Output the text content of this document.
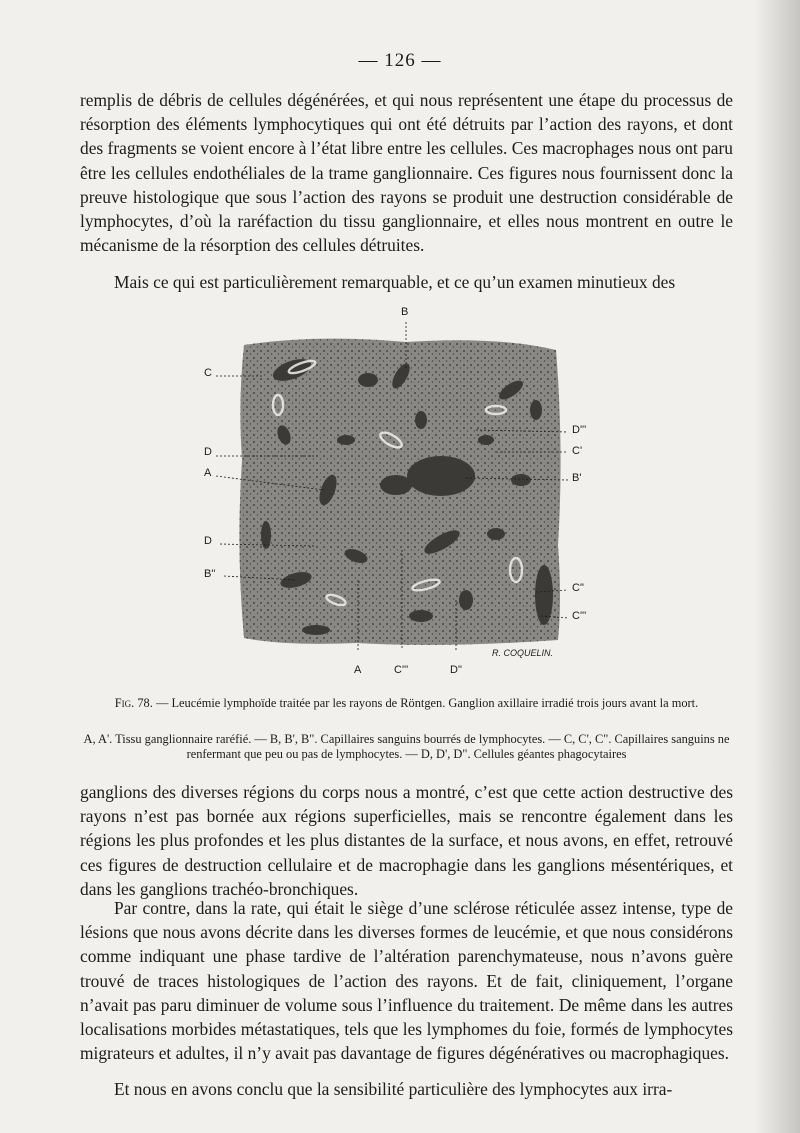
— 126 —

remplis de débris de cellules dégénérées, et qui nous représentent une étape du processus de résorption des éléments lymphocytiques qui ont été détruits par l’action des rayons, et dont des fragments se voient encore à l’état libre entre les cellules. Ces macrophages nous ont paru être les cellules endothéliales de la trame ganglionnaire. Ces figures nous fournissent donc la preuve histologique que sous l’action des rayons se produit une destruction considérable de lymphocytes, d’où la raréfaction du tissu ganglionnaire, et elles nous montrent en outre le mécanisme de la résorption des cellules détruites.

Mais ce qui est particulièrement remarquable, et ce qu’un examen minutieux des

B
C
D
A
D
B"
D'''
C'
B'
C"
C'''
A	C'''	D"
R. COQUELIN.

Fig. 78. — Leucémie lymphoïde traitée par les rayons de Röntgen. Ganglion axillaire irradié trois jours avant la mort.

A, A'. Tissu ganglionnaire raréfié. — B, B', B". Capillaires sanguins bourrés de lymphocytes. — C, C', C". Capillaires sanguins ne renfermant que peu ou pas de lymphocytes. — D, D', D". Cellules géantes phagocytaires

ganglions des diverses régions du corps nous a montré, c’est que cette action destructive des rayons n’est pas bornée aux régions superficielles, mais se rencontre également dans les régions les plus profondes et les plus distantes de la surface, et nous avons, en effet, retrouvé ces figures de destruction cellulaire et de macrophagie dans les ganglions mésentériques, et dans les ganglions trachéo-bronchiques.

Par contre, dans la rate, qui était le siège d’une sclérose réticulée assez intense, type de lésions que nous avons décrite dans les diverses formes de leucémie, et que nous considérons comme indiquant une phase tardive de l’altération parenchymateuse, nous n’avons guère trouvé de traces histologiques de l’action des rayons. Et de fait, cliniquement, l’organe n’avait pas paru diminuer de volume sous l’influence du traitement. De même dans les autres localisations morbides métastatiques, tels que les lymphomes du foie, formés de lymphocytes migrateurs et adultes, il n’y avait pas davantage de figures dégénératives ou macrophagiques.

Et nous en avons conclu que la sensibilité particulière des lymphocytes aux irra-
